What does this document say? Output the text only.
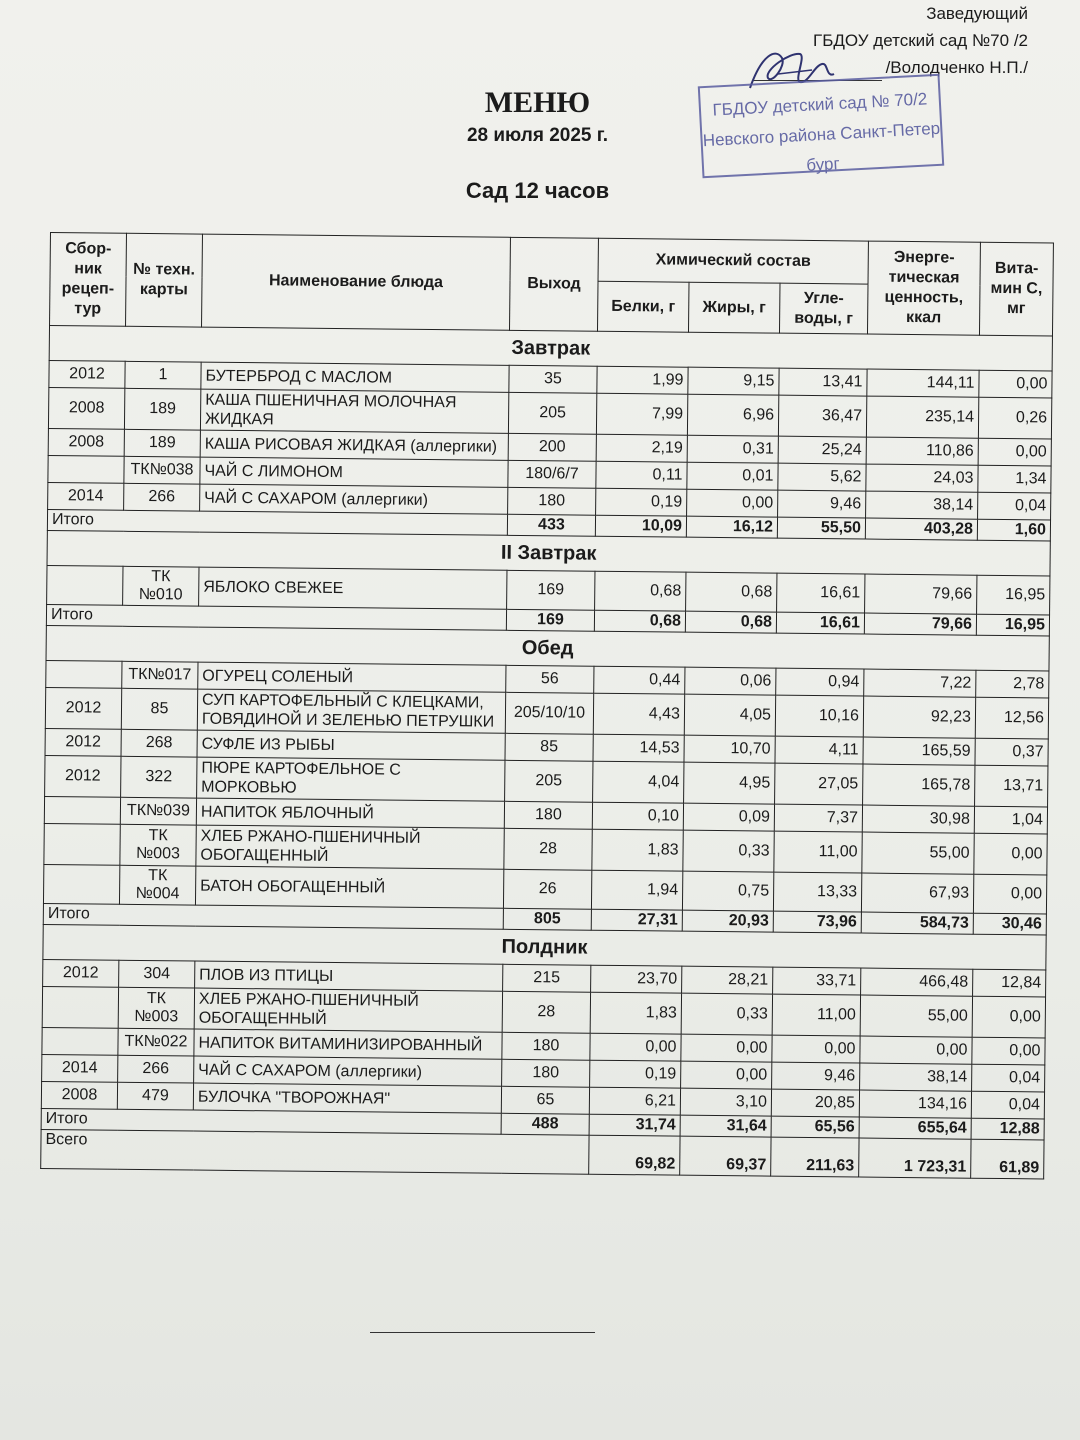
Заведующий
ГБДОУ детский сад №70 /2
/Володченко Н.П./
ГБДОУ детский сад № 70/2
Невского района Санкт-Петер бург
МЕНЮ
28 июля 2025 г.
Сад 12 часов
Сбор-ник рецеп-тур	№ техн. карты	Наименование блюда	Выход	Химический состав			Энерге-тическая ценность, ккал	Вита-мин С, мг
				Белки, г	Жиры, г	Угле-воды, г		
Завтрак								
2012	1	БУТЕРБРОД С МАСЛОМ	35	1,99	9,15	13,41	144,11	0,00
2008	189	КАША ПШЕНИЧНАЯ МОЛОЧНАЯ ЖИДКАЯ	205	7,99	6,96	36,47	235,14	0,26
2008	189	КАША РИСОВАЯ ЖИДКАЯ (аллергики)	200	2,19	0,31	25,24	110,86	0,00
	ТК№038	ЧАЙ С ЛИМОНОМ	180/6/7	0,11	0,01	5,62	24,03	1,34
2014	266	ЧАЙ С САХАРОМ (аллергики)	180	0,19	0,00	9,46	38,14	0,04
Итого			433	10,09	16,12	55,50	403,28	1,60
II Завтрак								
	ТК №010	ЯБЛОКО СВЕЖЕЕ	169	0,68	0,68	16,61	79,66	16,95
Итого			169	0,68	0,68	16,61	79,66	16,95
Обед								
	ТК№017	ОГУРЕЦ СОЛЕНЫЙ	56	0,44	0,06	0,94	7,22	2,78
2012	85	СУП КАРТОФЕЛЬНЫЙ С КЛЕЦКАМИ, ГОВЯДИНОЙ И ЗЕЛЕНЬЮ ПЕТРУШКИ	205/10/10	4,43	4,05	10,16	92,23	12,56
2012	268	СУФЛЕ ИЗ РЫБЫ	85	14,53	10,70	4,11	165,59	0,37
2012	322	ПЮРЕ КАРТОФЕЛЬНОЕ С МОРКОВЬЮ	205	4,04	4,95	27,05	165,78	13,71
	ТК№039	НАПИТОК ЯБЛОЧНЫЙ	180	0,10	0,09	7,37	30,98	1,04
	ТК №003	ХЛЕБ РЖАНО-ПШЕНИЧНЫЙ ОБОГАЩЕННЫЙ	28	1,83	0,33	11,00	55,00	0,00
	ТК №004	БАТОН ОБОГАЩЕННЫЙ	26	1,94	0,75	13,33	67,93	0,00
Итого			805	27,31	20,93	73,96	584,73	30,46
Полдник								
2012	304	ПЛОВ ИЗ ПТИЦЫ	215	23,70	28,21	33,71	466,48	12,84
	ТК №003	ХЛЕБ РЖАНО-ПШЕНИЧНЫЙ ОБОГАЩЕННЫЙ	28	1,83	0,33	11,00	55,00	0,00
	ТК№022	НАПИТОК ВИТАМИНИЗИРОВАННЫЙ	180	0,00	0,00	0,00	0,00	0,00
2014	266	ЧАЙ С САХАРОМ (аллергики)	180	0,19	0,00	9,46	38,14	0,04
2008	479	БУЛОЧКА "ТВОРОЖНАЯ"	65	6,21	3,10	20,85	134,16	0,04
Итого			488	31,74	31,64	65,56	655,64	12,88
Всего				69,82	69,37	211,63	1 723,31	61,89
